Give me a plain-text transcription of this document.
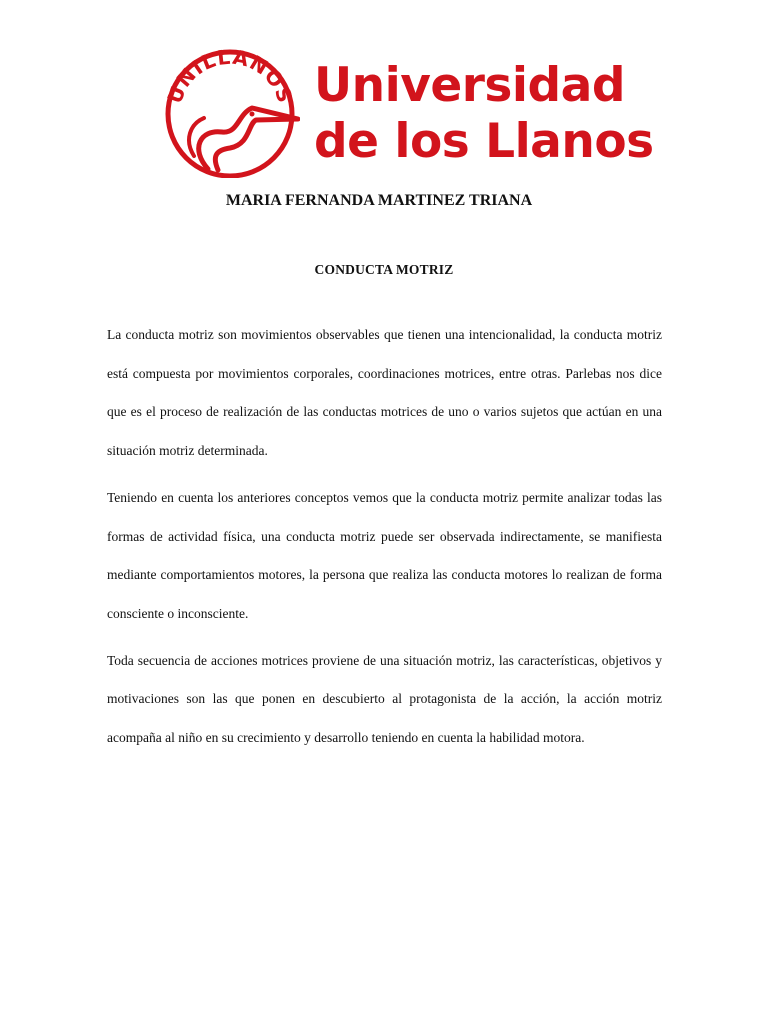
UNILLANOS Universidad
de los Llanos
MARIA FERNANDA MARTINEZ TRIANA
CONDUCTA MOTRIZ

La conducta motriz son movimientos observables que tienen una intencionalidad, la conducta motriz está compuesta por movimientos corporales, coordinaciones motrices, entre otras. Parlebas nos dice que es el proceso de realización de las conductas motrices de uno o varios sujetos que actúan en una situación motriz determinada.

Teniendo en cuenta los anteriores conceptos vemos que la conducta motriz permite analizar todas las formas de actividad física, una conducta motriz puede ser observada indirectamente, se manifiesta mediante comportamientos motores, la persona que realiza las conducta motores lo realizan de forma consciente o inconsciente.

Toda secuencia de acciones motrices proviene de una situación motriz, las características, objetivos y motivaciones son las que ponen en descubierto al protagonista de la acción, la acción motriz acompaña al niño en su crecimiento y desarrollo teniendo en cuenta la habilidad motora.
